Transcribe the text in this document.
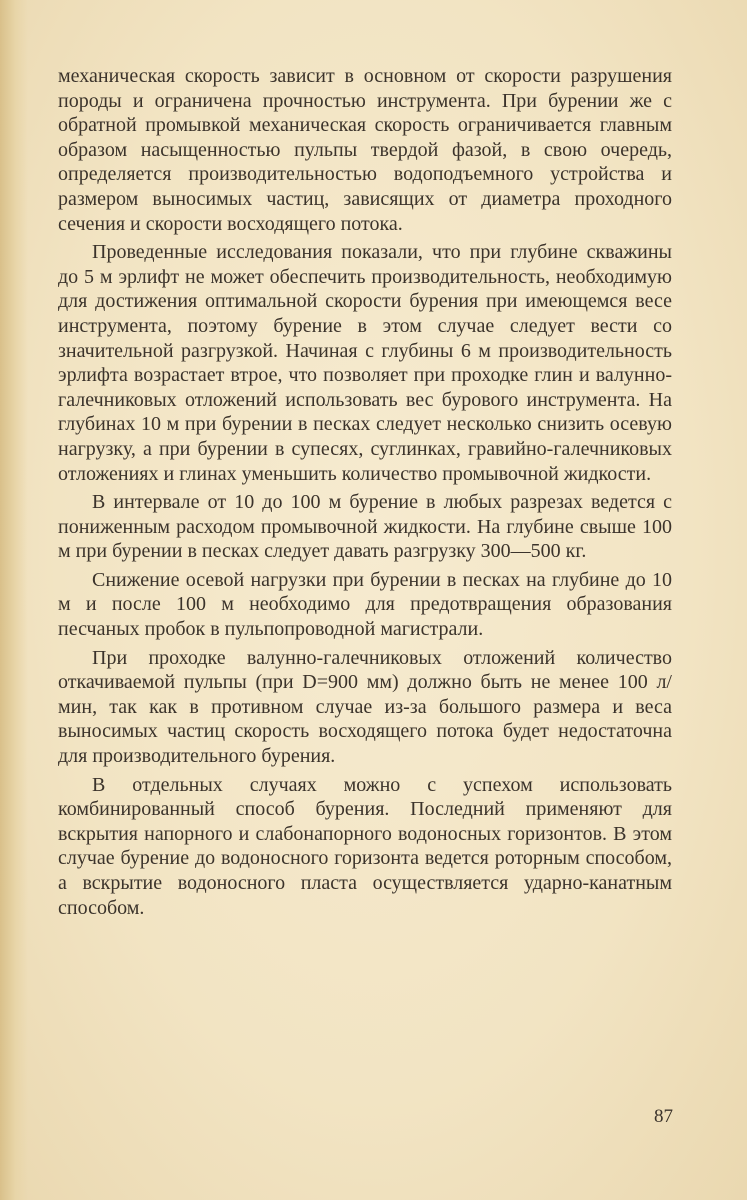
механическая скорость зависит в основном от скорости разрушения породы и ограничена прочностью инструмента. При бурении же с обратной промывкой механическая скорость ограничивается главным образом насыщенностью пульпы твердой фазой, в свою очередь, определяется производительностью водоподъемного устройства и размером выносимых частиц, зависящих от диаметра проходного сечения и скорости восходящего потока.

Проведенные исследования показали, что при глубине скважины до 5 м эрлифт не может обеспечить производительность, необходимую для достижения оптимальной скорости бурения при имеющемся весе инструмента, поэтому бурение в этом случае следует вести со значительной разгрузкой. Начиная с глубины 6 м производительность эрлифта возрастает втрое, что позволяет при проходке глин и валунно-галечниковых отложений использовать вес бурового инструмента. На глубинах 10 м при бурении в песках следует несколько снизить осевую нагрузку, а при бурении в супесях, суглинках, гравийно-галечниковых отложениях и глинах уменьшить количество промывочной жидкости.

В интервале от 10 до 100 м бурение в любых разрезах ведется с пониженным расходом промывочной жидкости. На глубине свыше 100 м при бурении в песках следует давать разгрузку 300—500 кг.

Снижение осевой нагрузки при бурении в песках на глубине до 10 м и после 100 м необходимо для предотвращения образования песчаных пробок в пульпопроводной магистрали.

При проходке валунно-галечниковых отложений количество откачиваемой пульпы (при D=900 мм) должно быть не менее 100 л/мин, так как в противном случае из-за большого размера и веса выносимых частиц скорость восходящего потока будет недостаточна для производительного бурения.

В отдельных случаях можно с успехом использовать комбинированный способ бурения. Последний применяют для вскрытия напорного и слабонапорного водоносных горизонтов. В этом случае бурение до водоносного горизонта ведется роторным способом, а вскрытие водоносного пласта осуществляется ударно-канатным способом.

87
